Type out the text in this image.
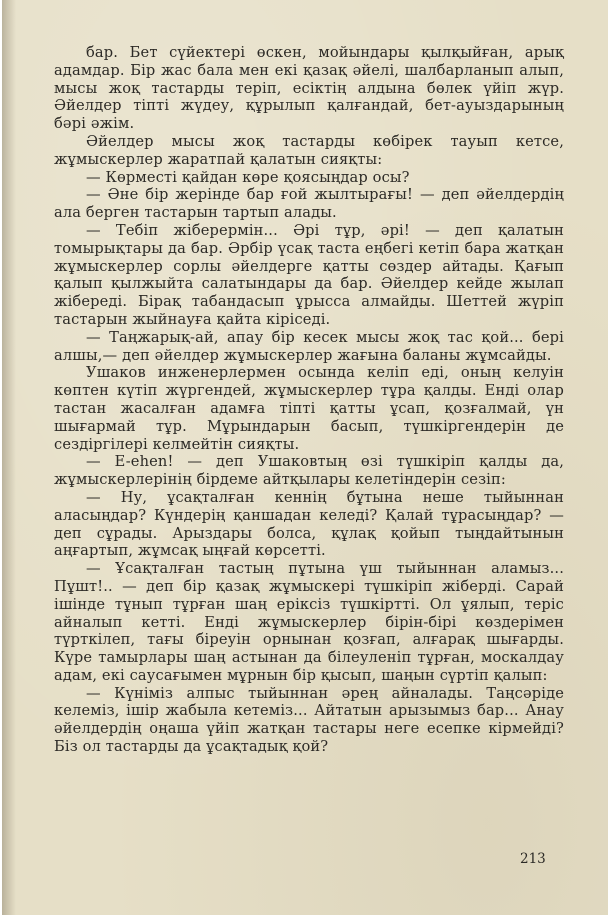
бар. Бет сүйектері өскен, мойындары қылқыйған, арық адамдар. Бір жас бала мен екі қазақ әйелі, шалбарланып алып, мысы жоқ тастарды теріп, есіктің алдына бөлек үйіп жүр. Әйелдер тіпті жүдеу, құрылып қалғандай, бет-ауыздарының бәрі әжім.

Әйелдер мысы жоқ тастарды көбірек тауып кетсе, жұмыскерлер жаратпай қалатын сияқты:

— Көрместі қайдан көре қоясыңдар осы?

— Әне бір жерінде бар ғой жылтырағы! — деп әйелдердің ала берген тастарын тартып алады.

— Тебіп жіберермін... Әрі тұр, әрі! — деп қалатын томырықтары да бар. Әрбір үсақ таста еңбегі кетіп бара жатқан жұмыскерлер сорлы әйелдерге қатты сөздер айтады. Қағып қалып қылжыйта салатындары да бар. Әйелдер кейде жылап жібереді. Бірақ табандасып ұрысса алмайды. Шеттей жүріп тастарын жыйнауға қайта кіріседі.

— Таңжарық-ай, апау бір кесек мысы жоқ тас қой... бері алшы,— деп әйелдер жұмыскерлер жағына баланы жұмсайды.

Ушаков инженерлермен осында келіп еді, оның келуін көптен күтіп жүргендей, жұмыскерлер тұра қалды. Енді олар тастан жасалған адамға тіпті қатты ұсап, қозғалмай, үн шығармай тұр. Мұрындарын басып, түшкіргендерін де сездіргілері келмейтін сияқты.

— E-ehen! — деп Ушаковтың өзі түшкіріп қалды да, жұмыскерлерінің бірдеме айтқылары келетіндерін сезіп:

— Ну, ұсақталған кеннің бұтына неше тыйыннан аласыңдар? Күндерің қаншадан келеді? Қалай тұрасыңдар? — деп сұрады. Арыздары болса, құлақ қойып тыңдайтынын аңғартып, жұмсақ ыңғай көрсетті.

— Ұсақталған тастың пұтына үш тыйыннан аламыз... Пұшт!.. — деп бір қазақ жұмыскері түшкіріп жіберді. Сарай ішінде тұнып тұрған шаң еріксіз түшкіртті. Ол ұялып, теріс айналып кетті. Енді жұмыскерлер бірін-бірі көздерімен түрткілеп, тағы біреуін орнынан қозғап, алғарақ шығарды. Күре тамырлары шаң астынан да білеуленіп тұрған, москалдау адам, екі саусағымен мұрнын бір қысып, шаңын сүртіп қалып:

— Күніміз алпыс тыйыннан әрең айналады. Таңсәріде келеміз, ішір жабыла кетеміз... Айтатын арызымыз бар... Анау әйелдердің оңаша үйіп жатқан тастары неге есепке кірмейді? Біз ол тастарды да ұсақтадық қой?

213
